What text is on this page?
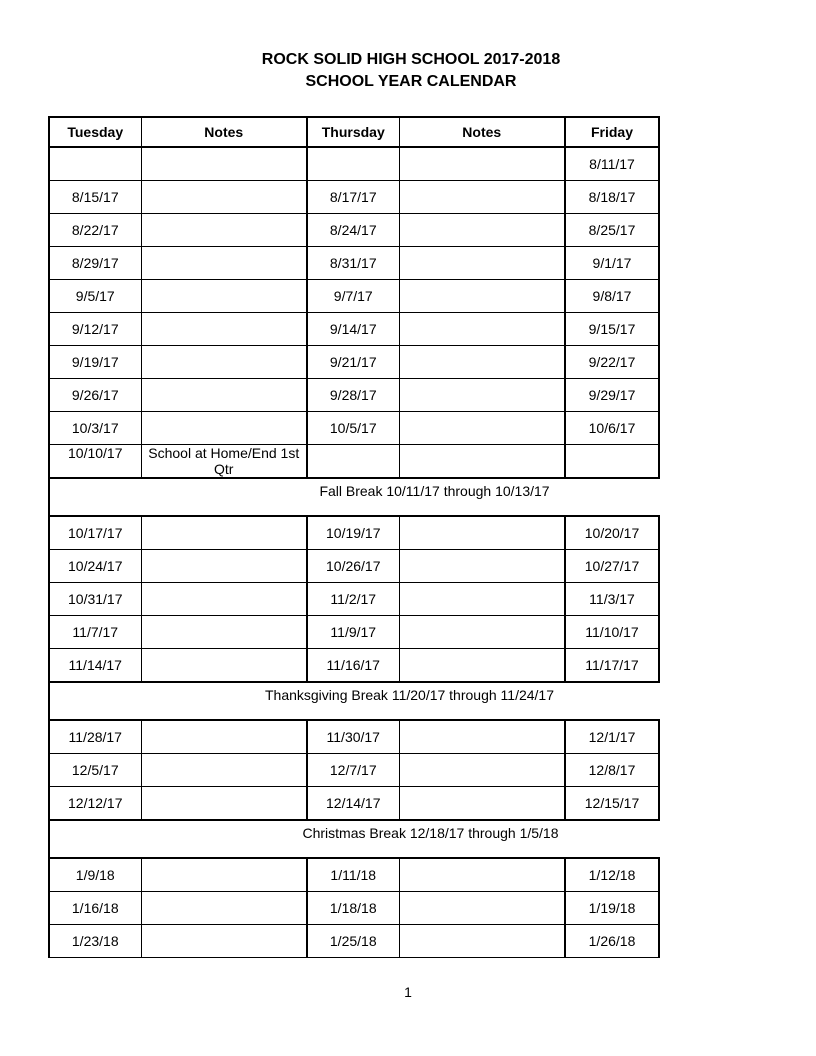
ROCK SOLID HIGH SCHOOL 2017-2018
SCHOOL YEAR CALENDAR
Tuesday	Notes	Thursday	Notes	Friday
				8/11/17
8/15/17		8/17/17		8/18/17
8/22/17		8/24/17		8/25/17
8/29/17		8/31/17		9/1/17
9/5/17		9/7/17		9/8/17
9/12/17		9/14/17		9/15/17
9/19/17		9/21/17		9/22/17
9/26/17		9/28/17		9/29/17
10/3/17		10/5/17		10/6/17
10/10/17	School at Home/End 1st Qtr			
Fall Break 10/11/17 through 10/13/17				
10/17/17		10/19/17		10/20/17
10/24/17		10/26/17		10/27/17
10/31/17		11/2/17		11/3/17
11/7/17		11/9/17		11/10/17
11/14/17		11/16/17		11/17/17
Thanksgiving Break 11/20/17 through 11/24/17				
11/28/17		11/30/17		12/1/17
12/5/17		12/7/17		12/8/17
12/12/17		12/14/17		12/15/17
Christmas Break 12/18/17 through 1/5/18				
1/9/18		1/11/18		1/12/18
1/16/18		1/18/18		1/19/18
1/23/18		1/25/18		1/26/18
1
